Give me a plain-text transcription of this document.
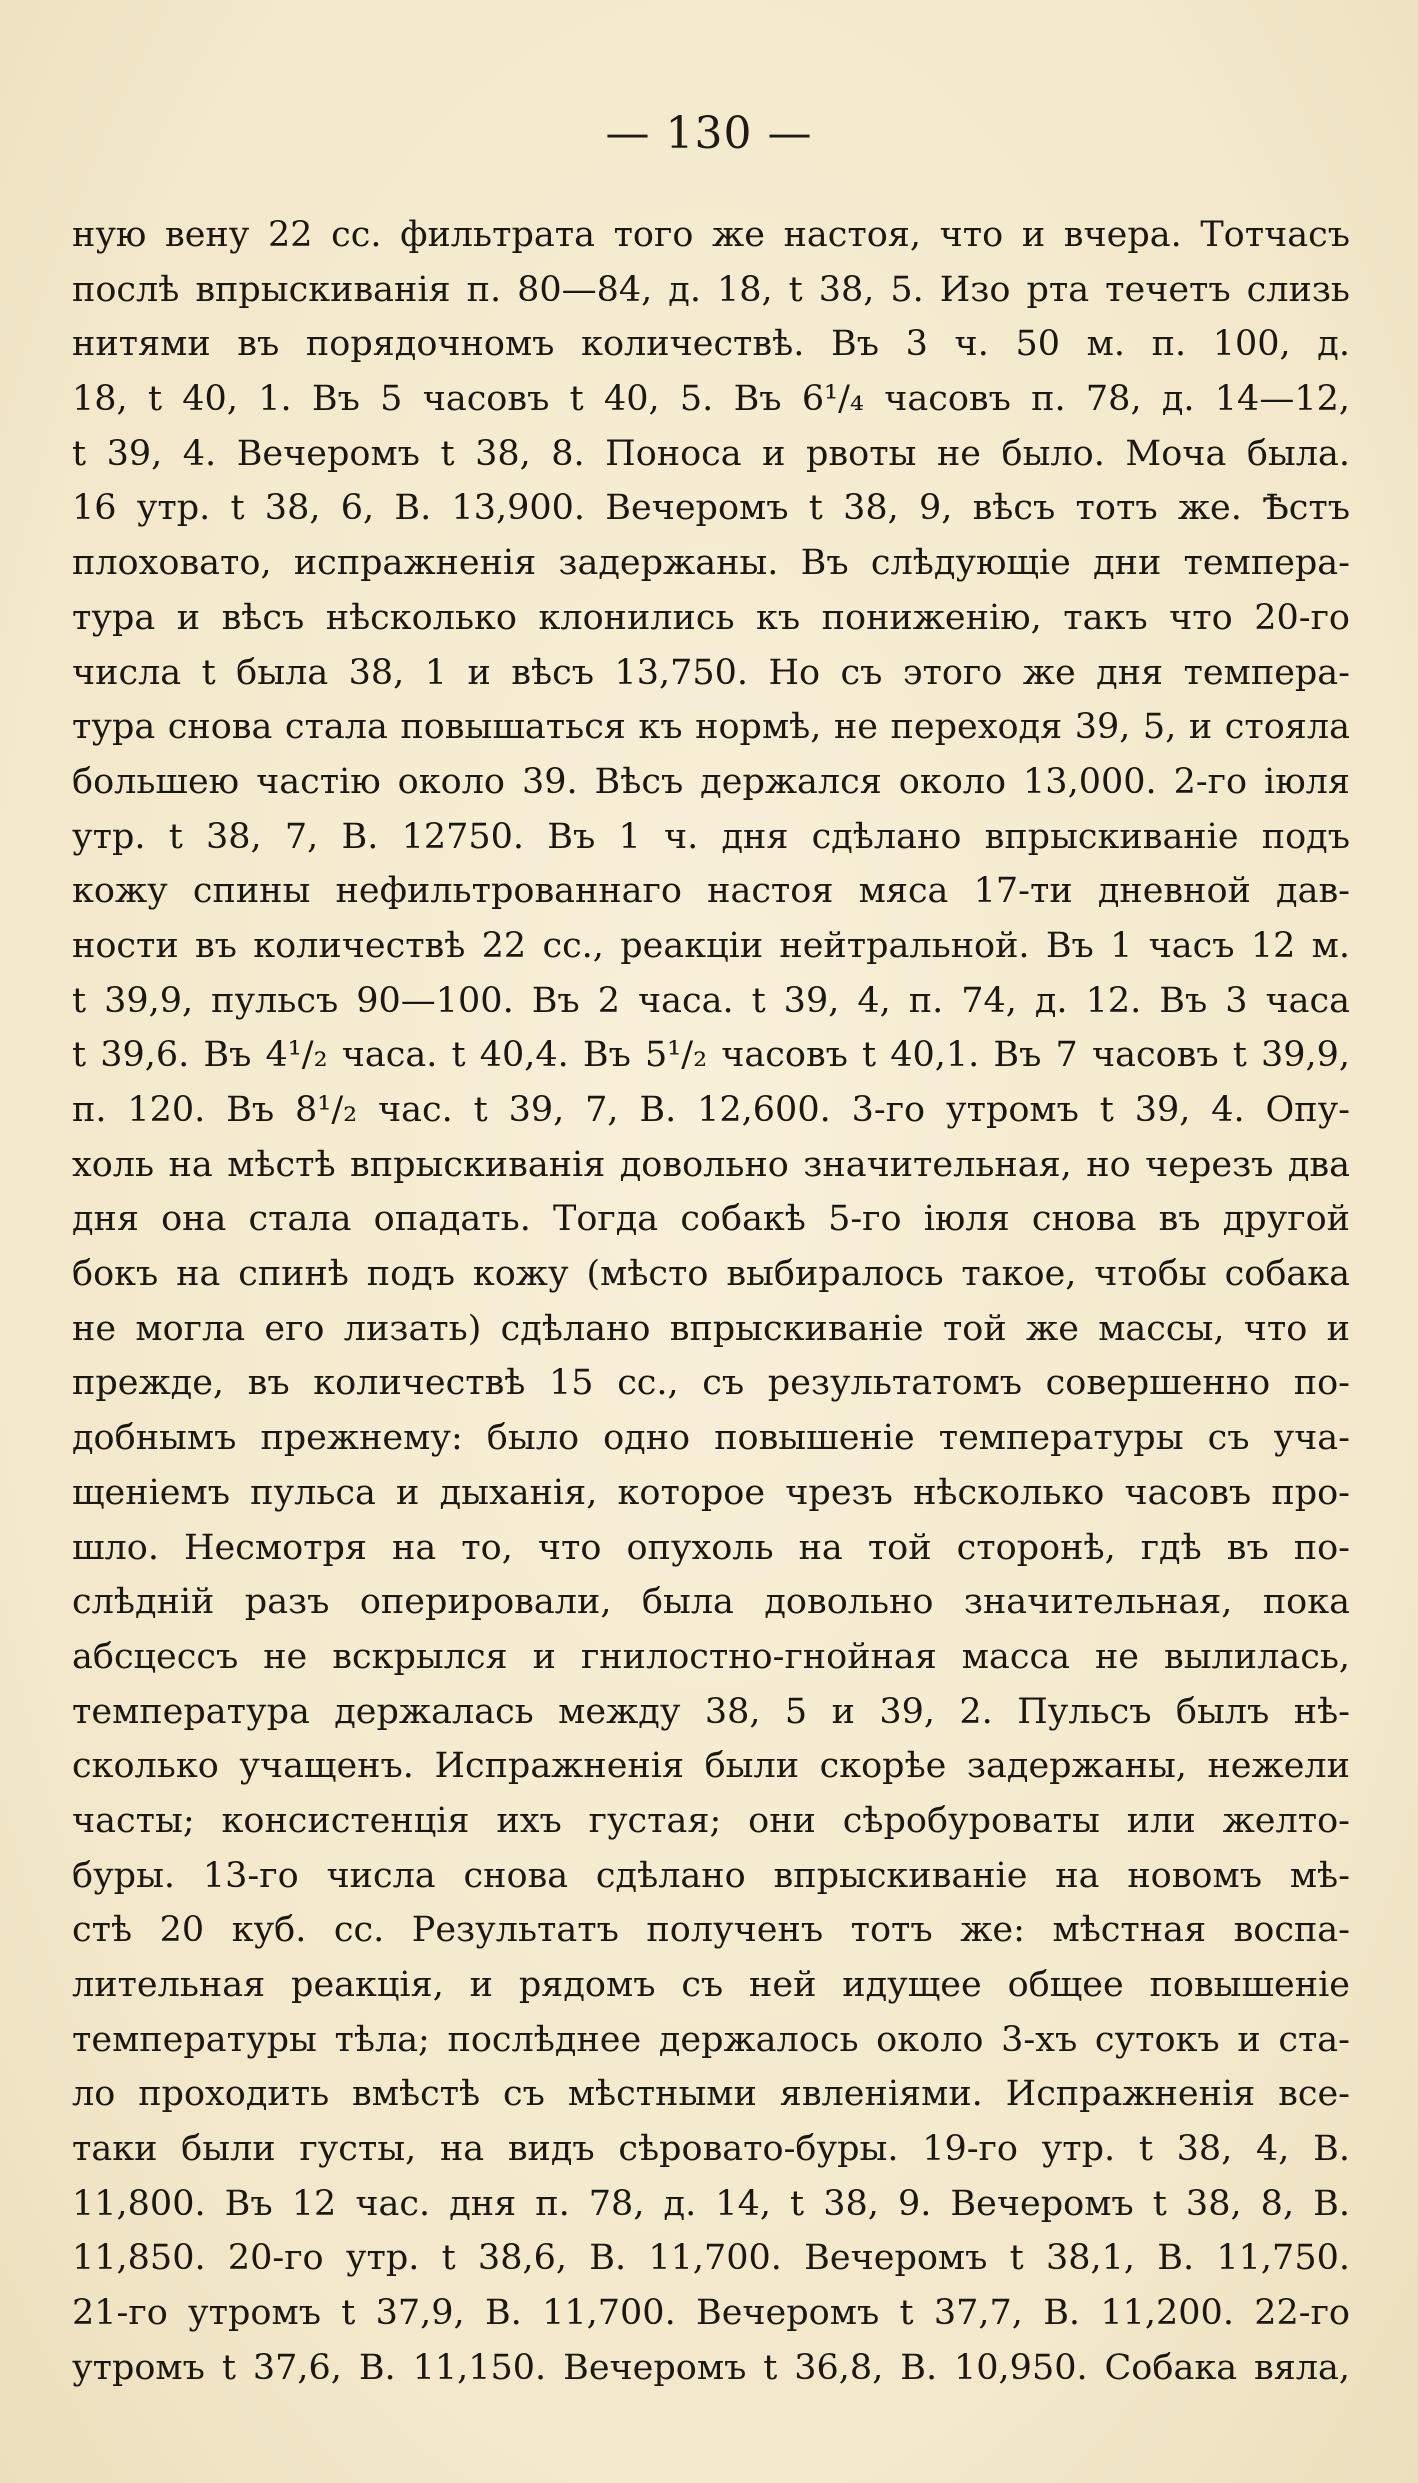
— 130 —
ную вену 22 сс. фильтрата того же настоя, что и вчера. Тотчасъ
послѣ впрыскиванія п. 80—84, д. 18, t 38, 5. Изо рта течетъ слизь
нитями въ порядочномъ количествѣ. Въ 3 ч. 50 м. п. 100, д.
18, t 40, 1. Въ 5 часовъ t 40, 5. Въ 6¹/₄ часовъ п. 78, д. 14—12,
t 39, 4. Вечеромъ t 38, 8. Поноса и рвоты не было. Моча была.
16 утр. t 38, 6, В. 13,900. Вечеромъ t 38, 9, вѣсъ тотъ же. Ѣстъ
плоховато, испражненія задержаны. Въ слѣдующіе дни темпера-
тура и вѣсъ нѣсколько клонились къ пониженію, такъ что 20-го
числа t была 38, 1 и вѣсъ 13,750. Но съ этого же дня темпера-
тура снова стала повышаться къ нормѣ, не переходя 39, 5, и стояла
большею частію около 39. Вѣсъ держался около 13,000. 2-го іюля
утр. t 38, 7, В. 12750. Въ 1 ч. дня сдѣлано впрыскиваніе подъ
кожу спины нефильтрованнаго настоя мяса 17-ти дневной дав-
ности въ количествѣ 22 сс., реакціи нейтральной. Въ 1 часъ 12 м.
t 39,9, пульсъ 90—100. Въ 2 часа. t 39, 4, п. 74, д. 12. Въ 3 часа
t 39,6. Въ 4¹/₂ часа. t 40,4. Въ 5¹/₂ часовъ t 40,1. Въ 7 часовъ t 39,9,
п. 120. Въ 8¹/₂ час. t 39, 7, В. 12,600. 3-го утромъ t 39, 4. Опу-
холь на мѣстѣ впрыскиванія довольно значительная, но черезъ два
дня она стала опадать. Тогда собакѣ 5-го іюля снова въ другой
бокъ на спинѣ подъ кожу (мѣсто выбиралось такое, чтобы собака
не могла его лизать) сдѣлано впрыскиваніе той же массы, что и
прежде, въ количествѣ 15 сс., съ результатомъ совершенно по-
добнымъ прежнему: было одно повышеніе температуры съ уча-
щеніемъ пульса и дыханія, которое чрезъ нѣсколько часовъ про-
шло. Несмотря на то, что опухоль на той сторонѣ, гдѣ въ по-
слѣдній разъ оперировали, была довольно значительная, пока
абсцессъ не вскрылся и гнилостно-гнойная масса не вылилась,
температура держалась между 38, 5 и 39, 2. Пульсъ былъ нѣ-
сколько учащенъ. Испражненія были скорѣе задержаны, нежели
часты; консистенція ихъ густая; они сѣробуроваты или желто-
буры. 13-го числа снова сдѣлано впрыскиваніе на новомъ мѣ-
стѣ 20 куб. сс. Результатъ полученъ тотъ же: мѣстная воспа-
лительная реакція, и рядомъ съ ней идущее общее повышеніе
температуры тѣла; послѣднее держалось около 3-хъ сутокъ и ста-
ло проходить вмѣстѣ съ мѣстными явленіями. Испражненія все-
таки были густы, на видъ сѣровато-буры. 19-го утр. t 38, 4, В.
11,800. Въ 12 час. дня п. 78, д. 14, t 38, 9. Вечеромъ t 38, 8, В.
11,850. 20-го утр. t 38,6, В. 11,700. Вечеромъ t 38,1, В. 11,750.
21-го утромъ t 37,9, В. 11,700. Вечеромъ t 37,7, В. 11,200. 22-го
утромъ t 37,6, В. 11,150. Вечеромъ t 36,8, В. 10,950. Собака вяла,
